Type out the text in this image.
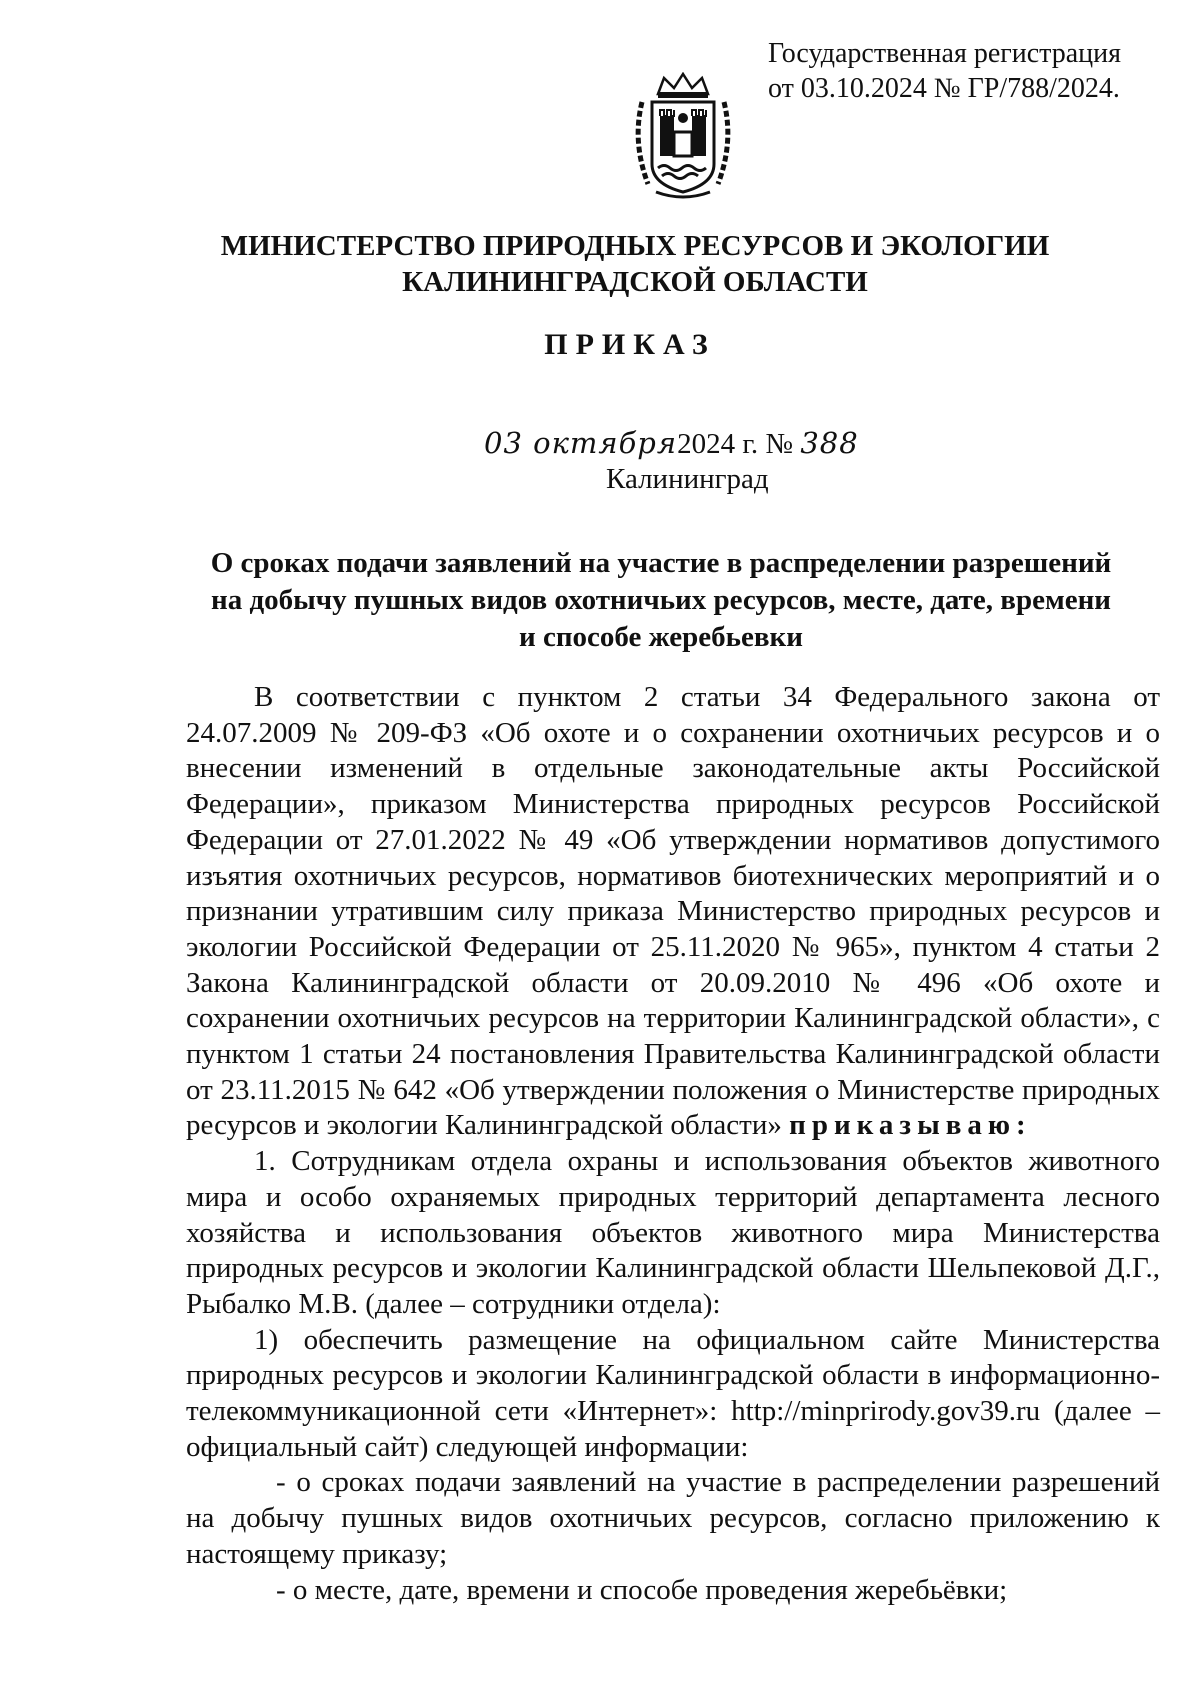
Государственная регистрация
от 03.10.2024 № ГР/788/2024.
МИНИСТЕРСТВО ПРИРОДНЫХ РЕСУРСОВ И ЭКОЛОГИИ
КАЛИНИНГРАДСКОЙ ОБЛАСТИ
ПРИКАЗ
03 октября2024 г. № 388
Калининград
О сроках подачи заявлений на участие в распределении разрешений
на добычу пушных видов охотничьих ресурсов, месте, дате, времени
и способе жеребьевки

В соответствии с пунктом 2 статьи 34 Федерального закона от 24.07.2009 № 209-ФЗ «Об охоте и о сохранении охотничьих ресурсов и о внесении изменений в отдельные законодательные акты Российской Федерации», приказом Министерства природных ресурсов Российской Федерации от 27.01.2022 № 49 «Об утверждении нормативов допустимого изъятия охотничьих ресурсов, нормативов биотехнических мероприятий и о признании утратившим силу приказа Министерство природных ресурсов и экологии Российской Федерации от 25.11.2020 № 965», пунктом 4 статьи 2 Закона Калининградской области от 20.09.2010 № 496 «Об охоте и сохранении охотничьих ресурсов на территории Калининградской области», с пунктом 1 статьи 24 постановления Правительства Калининградской области от 23.11.2015 № 642 «Об утверждении положения о Министерстве природных ресурсов и экологии Калининградской области» приказываю:

1. Сотрудникам отдела охраны и использования объектов животного мира и особо охраняемых природных территорий департамента лесного хозяйства и использования объектов животного мира Министерства природных ресурсов и экологии Калининградской области Шельпековой Д.Г., Рыбалко М.В. (далее – сотрудники отдела):

1) обеспечить размещение на официальном сайте Министерства природных ресурсов и экологии Калининградской области в информационно-телекоммуникационной сети «Интернет»: http://minprirody.gov39.ru (далее – официальный сайт) следующей информации:

- о сроках подачи заявлений на участие в распределении разрешений на добычу пушных видов охотничьих ресурсов, согласно приложению к настоящему приказу;

- о месте, дате, времени и способе проведения жеребьёвки;
